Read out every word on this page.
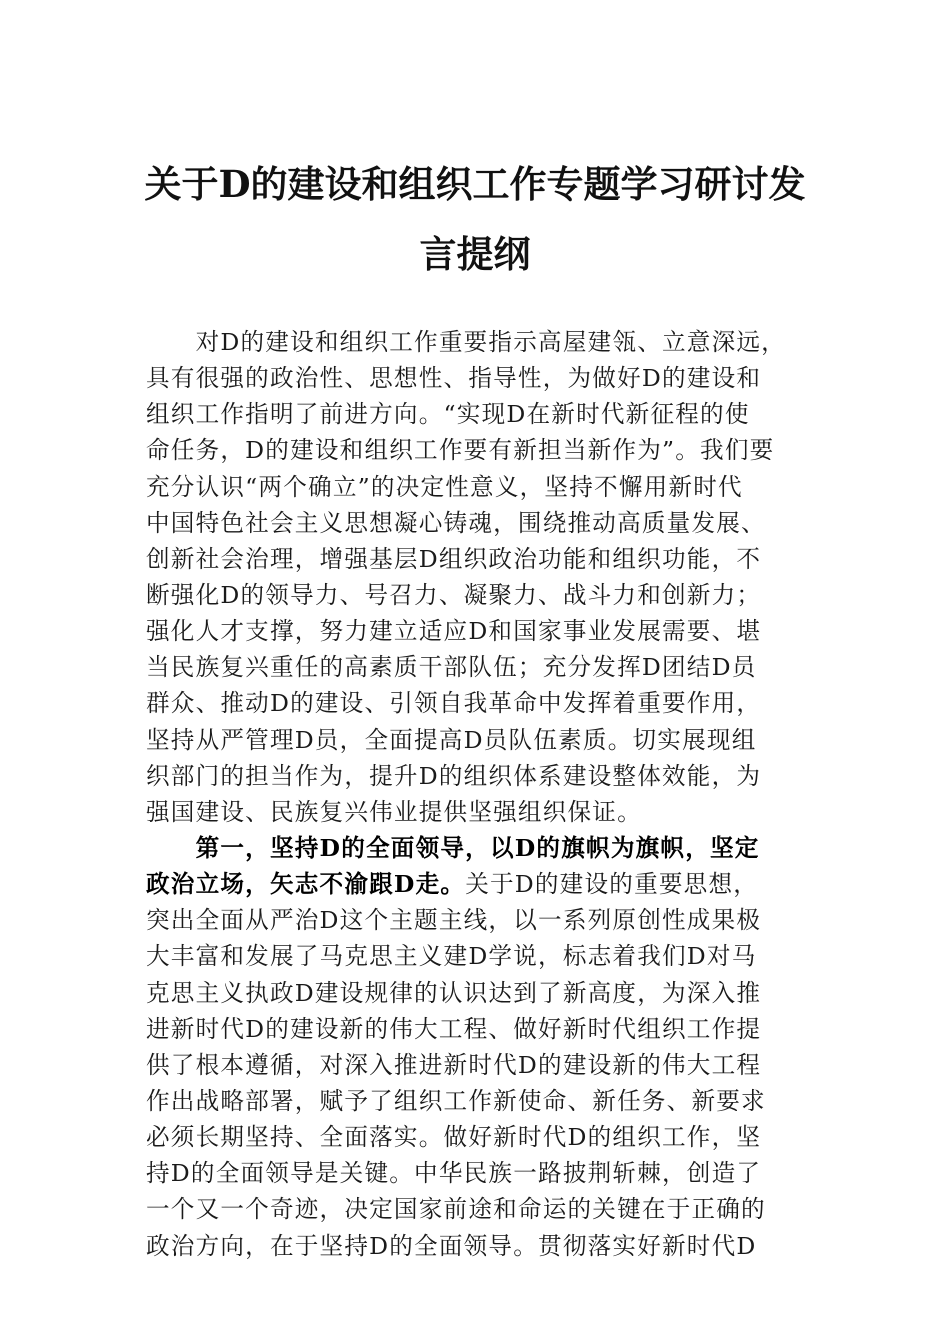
关于D的建设和组织工作专题学习研讨发
言提纲
　　对D的建设和组织工作重要指示高屋建瓴、立意深远，
具有很强的政治性、思想性、指导性，为做好D的建设和
组织工作指明了前进方向。“实现D在新时代新征程的使
命任务，D的建设和组织工作要有新担当新作为”。我们要
充分认识“两个确立”的决定性意义，坚持不懈用新时代
中国特色社会主义思想凝心铸魂，围绕推动高质量发展、
创新社会治理，增强基层D组织政治功能和组织功能，不
断强化D的领导力、号召力、凝聚力、战斗力和创新力；
强化人才支撑，努力建立适应D和国家事业发展需要、堪
当民族复兴重任的高素质干部队伍；充分发挥D团结D员
群众、推动D的建设、引领自我革命中发挥着重要作用，
坚持从严管理D员，全面提高D员队伍素质。切实展现组
织部门的担当作为，提升D的组织体系建设整体效能，为
强国建设、民族复兴伟业提供坚强组织保证。
　　第一，坚持D的全面领导，以D的旗帜为旗帜，坚定
政治立场，矢志不渝跟D走。关于D的建设的重要思想，
突出全面从严治D这个主题主线，以一系列原创性成果极
大丰富和发展了马克思主义建D学说，标志着我们D对马
克思主义执政D建设规律的认识达到了新高度，为深入推
进新时代D的建设新的伟大工程、做好新时代组织工作提
供了根本遵循，对深入推进新时代D的建设新的伟大工程
作出战略部署，赋予了组织工作新使命、新任务、新要求
必须长期坚持、全面落实。做好新时代D的组织工作，坚
持D的全面领导是关键。中华民族一路披荆斩棘，创造了
一个又一个奇迹，决定国家前途和命运的关键在于正确的
政治方向，在于坚持D的全面领导。贯彻落实好新时代D
